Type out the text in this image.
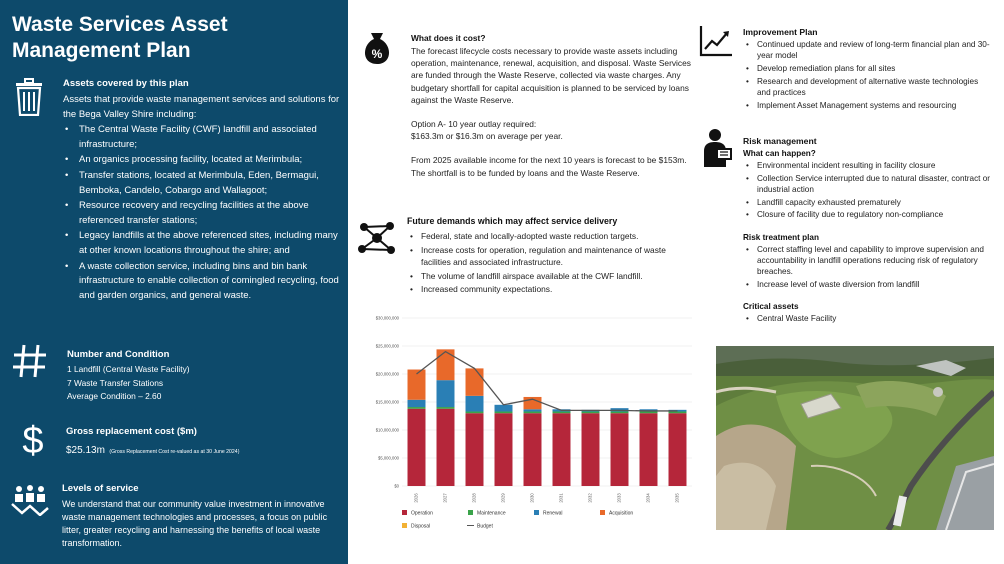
Waste Services Asset Management Plan
Assets covered by this plan
Assets that provide waste management services and solutions for the Bega Valley Shire including:
• The Central Waste Facility (CWF) landfill and associated infrastructure;
• An organics processing facility, located at Merimbula;
• Transfer stations, located at Merimbula, Eden, Bermagui, Bemboka, Candelo, Cobargo and Wallagoot;
• Resource recovery and recycling facilities at the above referenced transfer stations;
• Legacy landfills at the above referenced sites, including many at other known locations throughout the shire; and
• A waste collection service, including bins and bin bank infrastructure to enable collection of comingled recycling, food and garden organics, and general waste.
Number and Condition
1 Landfill (Central Waste Facility)
7 Waste Transfer Stations
Average Condition – 2.60
$ Gross replacement cost ($m)
$25.13m (Gross Replacement Cost re-valued as at 30 June 2024)
Levels of service
We understand that our community value investment in innovative waste management technologies and processes, a focus on public litter, greater recycling and harnessing the benefits of local waste transformation.
%
What does it cost?
The forecast lifecycle costs necessary to provide waste assets including operation, maintenance, renewal, acquisition, and disposal. Waste Services are funded through the Waste Reserve, collected via waste charges. Any budgetary shortfall for capital acquisition is planned to be serviced by loans against the Waste Reserve.
Option A- 10 year outlay required:
$163.3m or $16.3m on average per year.
From 2025 available income for the next 10 years is forecast to be $153m. The shortfall is to be funded by loans and the Waste Reserve.
Future demands which may affect service delivery
• Federal, state and locally-adopted waste reduction targets.
• Increase costs for operation, regulation and maintenance of waste facilities and associated infrastructure.
• The volume of landfill airspace available at the CWF landfill.
• Increased community expectations.
$0
$5,000,000
$10,000,000
$15,000,000
$20,000,000
$25,000,000
$30,000,000
2026	2027	2028	2029	2030	2031	2032	2033	2034	2035
Operation	Maintenance	Renewal	Acquisition
Disposal	Budget
Improvement Plan
• Continued update and review of long-term financial plan and 30-year model
• Develop remediation plans for all sites
• Research and development of alternative waste technologies and practices
• Implement Asset Management systems and resourcing
Risk management
What can happen?
• Environmental incident resulting in facility closure
• Collection Service interrupted due to natural disaster, contract or industrial action
• Landfill capacity exhausted prematurely
• Closure of facility due to regulatory non-compliance
Risk treatment plan
• Correct staffing level and capability to improve supervision and accountability in landfill operations reducing risk of regulatory breaches.
• Increase level of waste diversion from landfill
Critical assets
• Central Waste Facility
